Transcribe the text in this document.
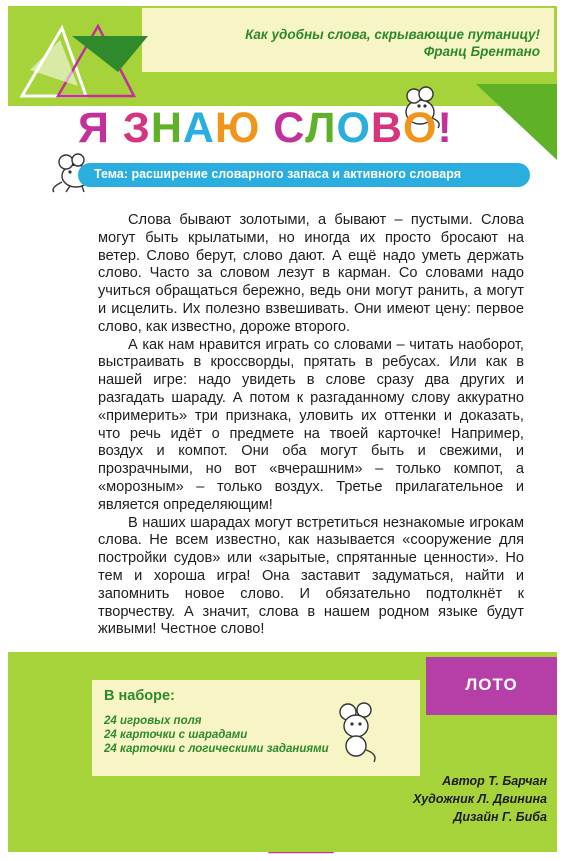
Как удобны слова, скрывающие путаницу!
Франц Брентано
Я ЗНАЮ СЛОВО!
Тема: расширение словарного запаса и активного словаря

Слова бывают золотыми, а бывают – пустыми. Слова могут быть крылатыми, но иногда их просто бросают на ветер. Слово берут, слово дают. А ещё надо уметь держать слово. Часто за словом лезут в карман. Со словами надо учиться обращаться бережно, ведь они могут ранить, а могут и исцелить. Их полезно взвешивать. Они имеют цену: первое слово, как известно, дороже второго.

А как нам нравится играть со словами – читать наоборот, выстраивать в кроссворды, прятать в ребусах. Или как в нашей игре: надо увидеть в слове сразу два других и разгадать шараду. А потом к разгаданному слову аккуратно «примерить» три признака, уловить их оттенки и доказать, что речь идёт о предмете на твоей карточке! Например, воздух и компот. Они оба могут быть и свежими, и прозрачными, но вот «вчерашним» – только компот, а «морозным» – только воздух. Третье прилагательное и является определяющим!

В наших шарадах могут встретиться незнакомые игрокам слова. Не всем известно, как называется «сооружение для постройки судов» или «зарытые, спрятанные ценности». Но тем и хороша игра! Она заставит задуматься, найти и запомнить новое слово. И обязательно подтолкнёт к творчеству. А значит, слова в нашем родном языке будут живыми! Честное слово!

ЛОТО
В наборе:
24 игровых поля
24 карточки с шарадами
24 карточки с логическими заданиями
Автор Т. Барчан
Художник Л. Двинина
Дизайн Г. Биба
